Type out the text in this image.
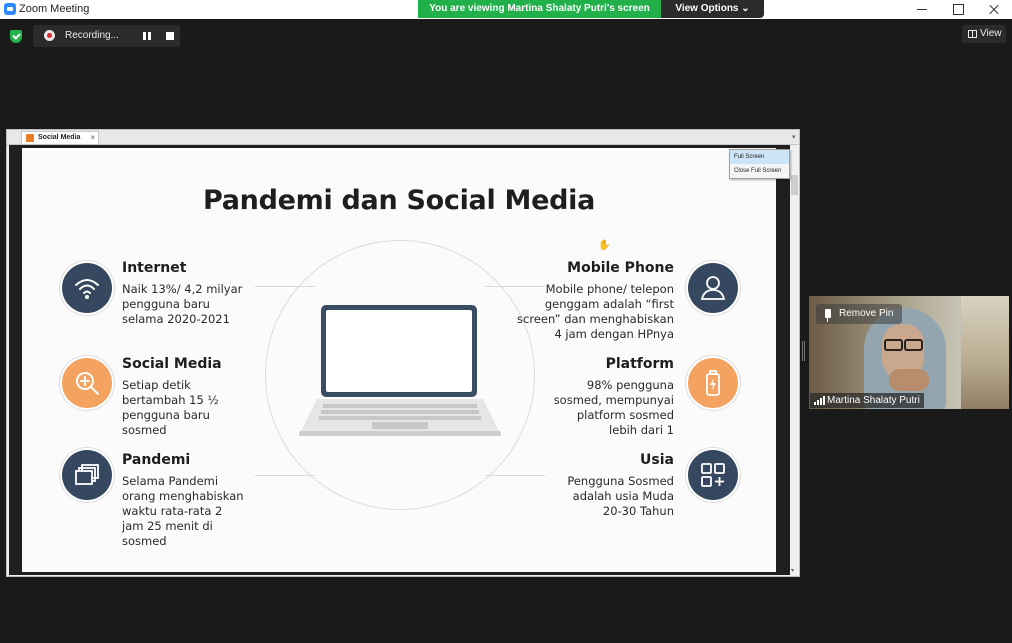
Zoom Meeting	You are viewing Martina Shalaty Putri's screen	View Options ⌄
Recording...	View
Social Media ×	▾
Pandemi dan Social Media
Internet
Naik 13%/ 4,2 milyar
pengguna baru
selama 2020-2021
Social Media
Setiap detik
bertambah 15 ½
pengguna baru
sosmed
Pandemi
Selama Pandemi
orang menghabiskan
waktu rata-rata 2
jam 25 menit di
sosmed
Mobile Phone
Mobile phone/ telepon
genggam adalah “first
screen” dan menghabiskan
4 jam dengan HPnya
Platform
98% pengguna
sosmed, mempunyai
platform sosmed
lebih dari 1
Usia
Pengguna Sosmed
adalah usia Muda
20-30 Tahun
▾
Full Screen
Close Full Screen
✋
Remove Pin
Martina Shalaty Putri
